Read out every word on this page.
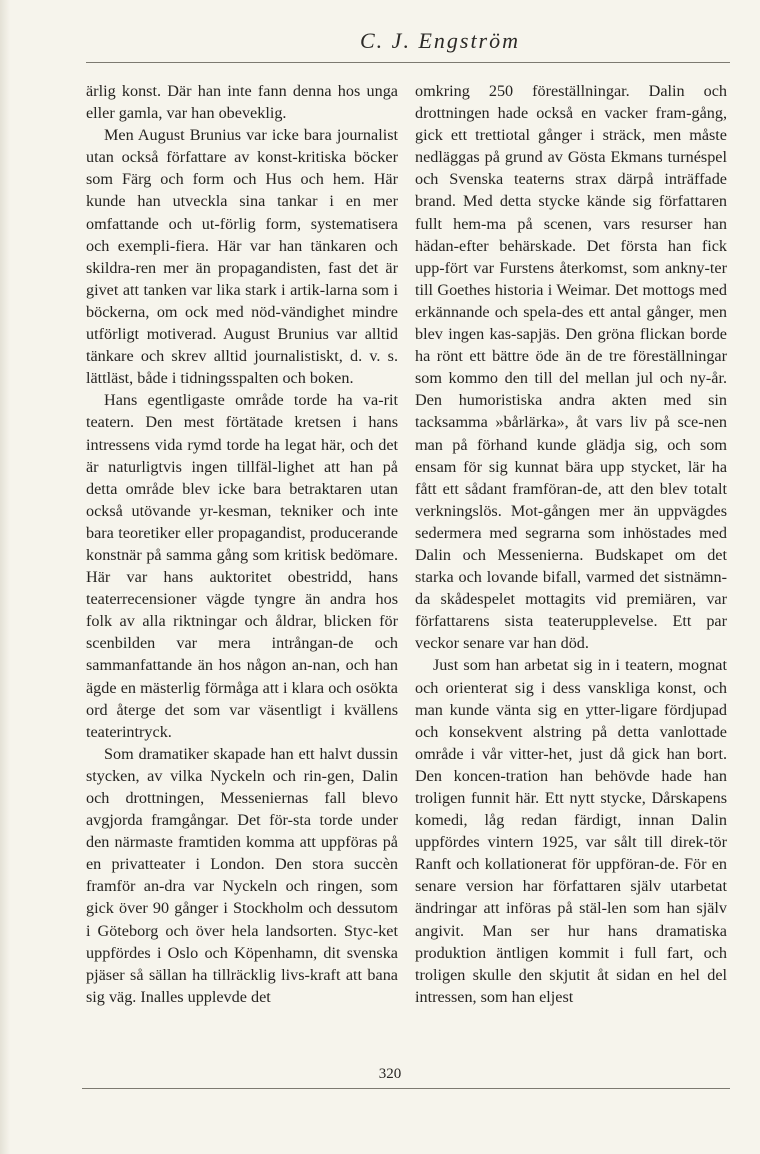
C. J. Engström

ärlig konst. Där han inte fann denna hos unga eller gamla, var han obeveklig.

Men August Brunius var icke bara journalist utan också författare av konst-kritiska böcker som Färg och form och Hus och hem. Här kunde han utveckla sina tankar i en mer omfattande och ut-förlig form, systematisera och exempli-fiera. Här var han tänkaren och skildra-ren mer än propagandisten, fast det är givet att tanken var lika stark i artik-larna som i böckerna, om ock med nöd-vändighet mindre utförligt motiverad. August Brunius var alltid tänkare och skrev alltid journalistiskt, d. v. s. lättläst, både i tidningsspalten och boken.

Hans egentligaste område torde ha va-rit teatern. Den mest förtätade kretsen i hans intressens vida rymd torde ha legat här, och det är naturligtvis ingen tillfäl-lighet att han på detta område blev icke bara betraktaren utan också utövande yr-kesman, tekniker och inte bara teoretiker eller propagandist, producerande konstnär på samma gång som kritisk bedömare. Här var hans auktoritet obestridd, hans teaterrecensioner vägde tyngre än andra hos folk av alla riktningar och åldrar, blicken för scenbilden var mera intrångan-de och sammanfattande än hos någon an-nan, och han ägde en mästerlig förmåga att i klara och osökta ord återge det som var väsentligt i kvällens teaterintryck.

Som dramatiker skapade han ett halvt dussin stycken, av vilka Nyckeln och rin-gen, Dalin och drottningen, Messeniernas fall blevo avgjorda framgångar. Det för-sta torde under den närmaste framtiden komma att uppföras på en privatteater i London. Den stora succèn framför an-dra var Nyckeln och ringen, som gick över 90 gånger i Stockholm och dessutom i Göteborg och över hela landsorten. Styc-ket uppfördes i Oslo och Köpenhamn, dit svenska pjäser så sällan ha tillräcklig livs-kraft att bana sig väg. Inalles upplevde det

omkring 250 föreställningar. Dalin och drottningen hade också en vacker fram-gång, gick ett trettiotal gånger i sträck, men måste nedläggas på grund av Gösta Ekmans turnéspel och Svenska teaterns strax därpå inträffade brand. Med detta stycke kände sig författaren fullt hem-ma på scenen, vars resurser han hädan-efter behärskade. Det första han fick upp-fört var Furstens återkomst, som ankny-ter till Goethes historia i Weimar. Det mottogs med erkännande och spela-des ett antal gånger, men blev ingen kas-sapjäs. Den gröna flickan borde ha rönt ett bättre öde än de tre föreställningar som kommo den till del mellan jul och ny-år. Den humoristiska andra akten med sin tacksamma »bårlärka», åt vars liv på sce-nen man på förhand kunde glädja sig, och som ensam för sig kunnat bära upp stycket, lär ha fått ett sådant framföran-de, att den blev totalt verkningslös. Mot-gången mer än uppvägdes sedermera med segrarna som inhöstades med Dalin och Messenierna. Budskapet om det starka och lovande bifall, varmed det sistnämn-da skådespelet mottagits vid premiären, var författarens sista teaterupplevelse. Ett par veckor senare var han död.

Just som han arbetat sig in i teatern, mognat och orienterat sig i dess vanskliga konst, och man kunde vänta sig en ytter-ligare fördjupad och konsekvent alstring på detta vanlottade område i vår vitter-het, just då gick han bort. Den koncen-tration han behövde hade han troligen funnit här. Ett nytt stycke, Dårskapens komedi, låg redan färdigt, innan Dalin uppfördes vintern 1925, var sålt till direk-tör Ranft och kollationerat för uppföran-de. För en senare version har författaren själv utarbetat ändringar att införas på stäl-len som han själv angivit. Man ser hur hans dramatiska produktion äntligen kommit i full fart, och troligen skulle den skjutit åt sidan en hel del intressen, som han eljest

320
